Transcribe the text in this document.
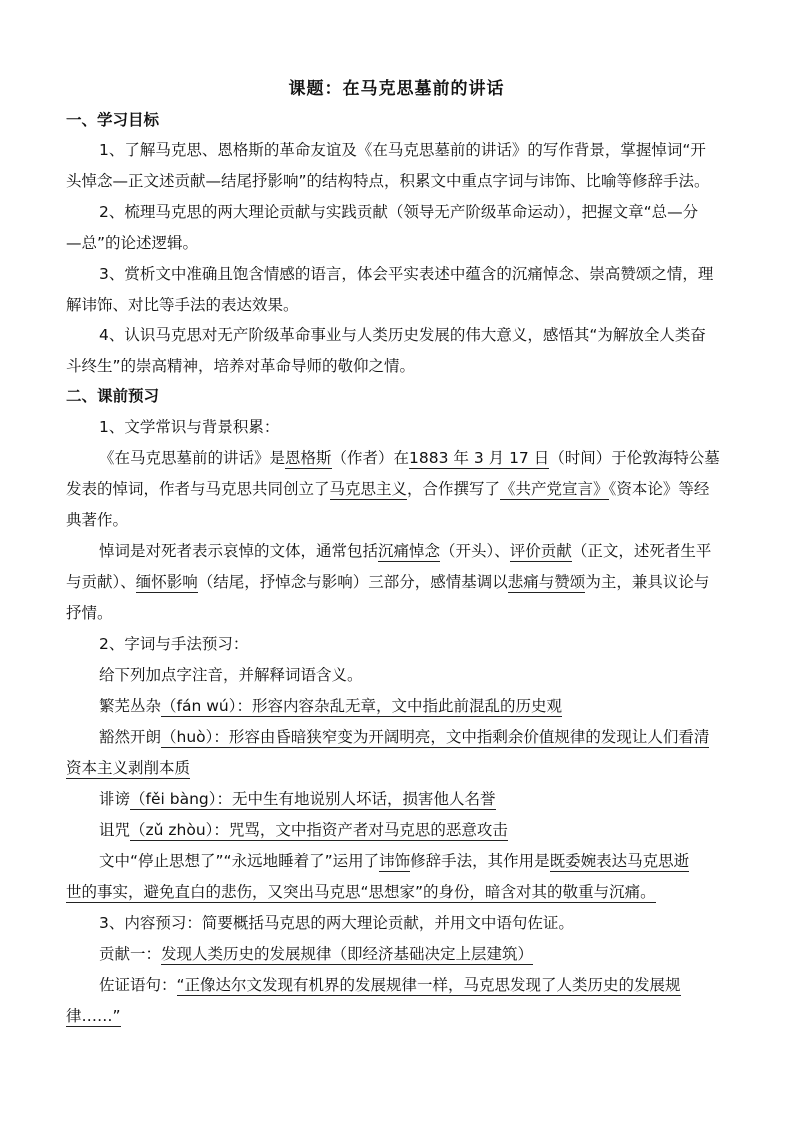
课题：在马克思墓前的讲话
一、学习目标
1、了解马克思、恩格斯的革命友谊及《在马克思墓前的讲话》的写作背景，掌握悼词“开
头悼念—正文述贡献—结尾抒影响”的结构特点，积累文中重点字词与讳饰、比喻等修辞手法。
2、梳理马克思的两大理论贡献与实践贡献（领导无产阶级革命运动），把握文章“总—分
—总”的论述逻辑。
3、赏析文中准确且饱含情感的语言，体会平实表述中蕴含的沉痛悼念、崇高赞颂之情，理
解讳饰、对比等手法的表达效果。
4、认识马克思对无产阶级革命事业与人类历史发展的伟大意义，感悟其“为解放全人类奋
斗终生”的崇高精神，培养对革命导师的敬仰之情。
二、课前预习
1、文学常识与背景积累：
《在马克思墓前的讲话》是恩格斯（作者）在1883 年 3 月 17 日（时间）于伦敦海特公墓
发表的悼词，作者与马克思共同创立了马克思主义，合作撰写了《共产党宣言》《资本论》等经
典著作。
悼词是对死者表示哀悼的文体，通常包括沉痛悼念（开头）、评价贡献（正文，述死者生平
与贡献）、缅怀影响（结尾，抒悼念与影响）三部分，感情基调以悲痛与赞颂为主，兼具议论与
抒情。
2、字词与手法预习：
给下列加点字注音，并解释词语含义。
繁芜丛杂（fán wú）：形容内容杂乱无章，文中指此前混乱的历史观
豁然开朗（huò）：形容由昏暗狭窄变为开阔明亮，文中指剩余价值规律的发现让人们看清
资本主义剥削本质
诽谤（fěi bàng）：无中生有地说别人坏话，损害他人名誉
诅咒（zǔ zhòu）：咒骂，文中指资产者对马克思的恶意攻击
文中“停止思想了”“永远地睡着了”运用了讳饰修辞手法，其作用是既委婉表达马克思逝
世的事实，避免直白的悲伤，又突出马克思“思想家”的身份，暗含对其的敬重与沉痛。
3、内容预习：简要概括马克思的两大理论贡献，并用文中语句佐证。
贡献一：发现人类历史的发展规律（即经济基础决定上层建筑）
佐证语句：“正像达尔文发现有机界的发展规律一样，马克思发现了人类历史的发展规
律……”
